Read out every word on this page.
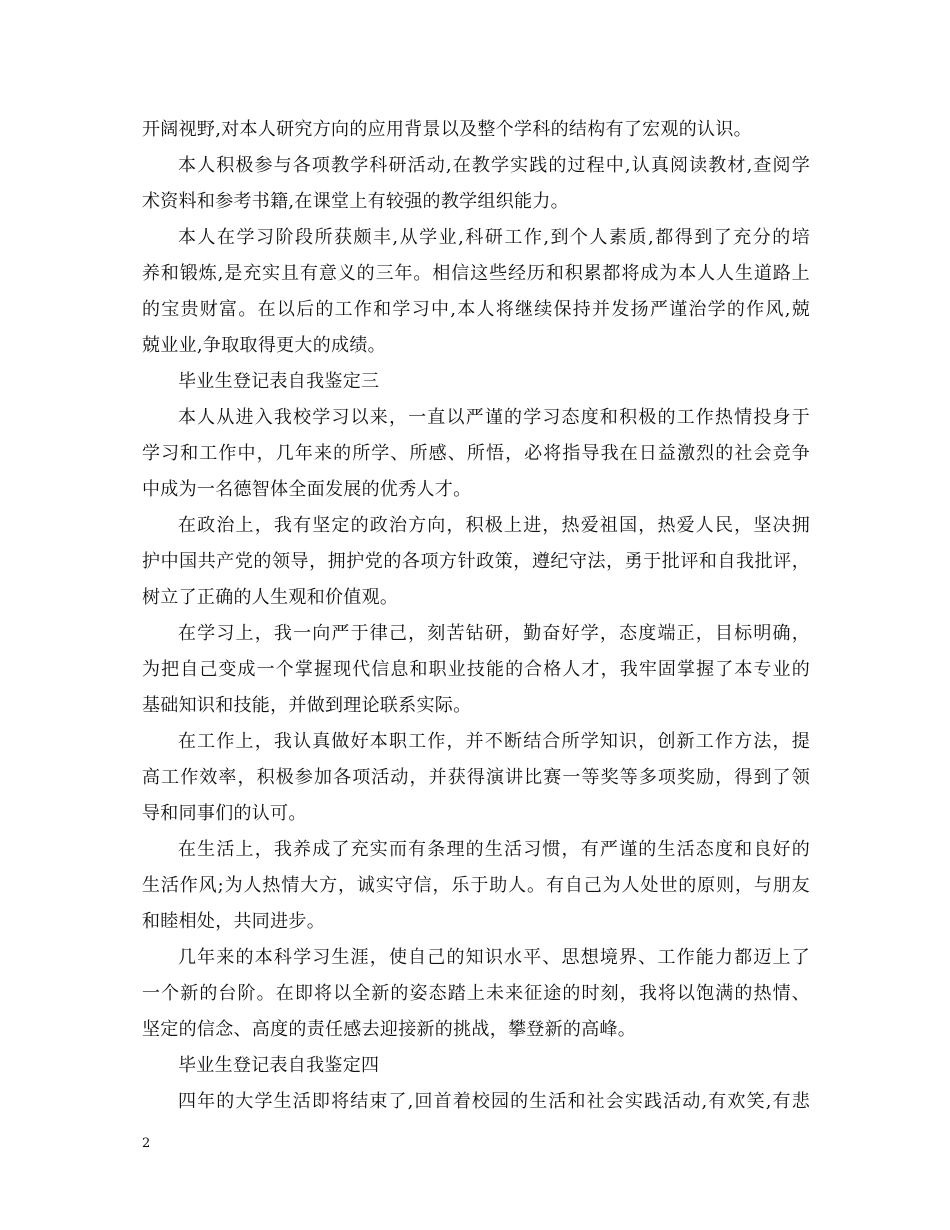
开阔视野,对本人研究方向的应用背景以及整个学科的结构有了宏观的认识。
本人积极参与各项教学科研活动,在教学实践的过程中,认真阅读教材,查阅学
术资料和参考书籍,在课堂上有较强的教学组织能力。
本人在学习阶段所获颇丰,从学业,科研工作,到个人素质,都得到了充分的培
养和锻炼,是充实且有意义的三年。相信这些经历和积累都将成为本人人生道路上
的宝贵财富。在以后的工作和学习中,本人将继续保持并发扬严谨治学的作风,兢
兢业业,争取取得更大的成绩。
毕业生登记表自我鉴定三
本人从进入我校学习以来，一直以严谨的学习态度和积极的工作热情投身于
学习和工作中，几年来的所学、所感、所悟，必将指导我在日益激烈的社会竞争
中成为一名德智体全面发展的优秀人才。
在政治上，我有坚定的政治方向，积极上进，热爱祖国，热爱人民，坚决拥
护中国共产党的领导，拥护党的各项方针政策，遵纪守法，勇于批评和自我批评，
树立了正确的人生观和价值观。
在学习上，我一向严于律己，刻苦钻研，勤奋好学，态度端正，目标明确，
为把自己变成一个掌握现代信息和职业技能的合格人才，我牢固掌握了本专业的
基础知识和技能，并做到理论联系实际。
在工作上，我认真做好本职工作，并不断结合所学知识，创新工作方法，提
高工作效率，积极参加各项活动，并获得演讲比赛一等奖等多项奖励，得到了领
导和同事们的认可。
在生活上，我养成了充实而有条理的生活习惯，有严谨的生活态度和良好的
生活作风;为人热情大方，诚实守信，乐于助人。有自己为人处世的原则，与朋友
和睦相处，共同进步。
几年来的本科学习生涯，使自己的知识水平、思想境界、工作能力都迈上了
一个新的台阶。在即将以全新的姿态踏上未来征途的时刻，我将以饱满的热情、
坚定的信念、高度的责任感去迎接新的挑战，攀登新的高峰。
毕业生登记表自我鉴定四
四年的大学生活即将结束了,回首着校园的生活和社会实践活动,有欢笑,有悲
2
